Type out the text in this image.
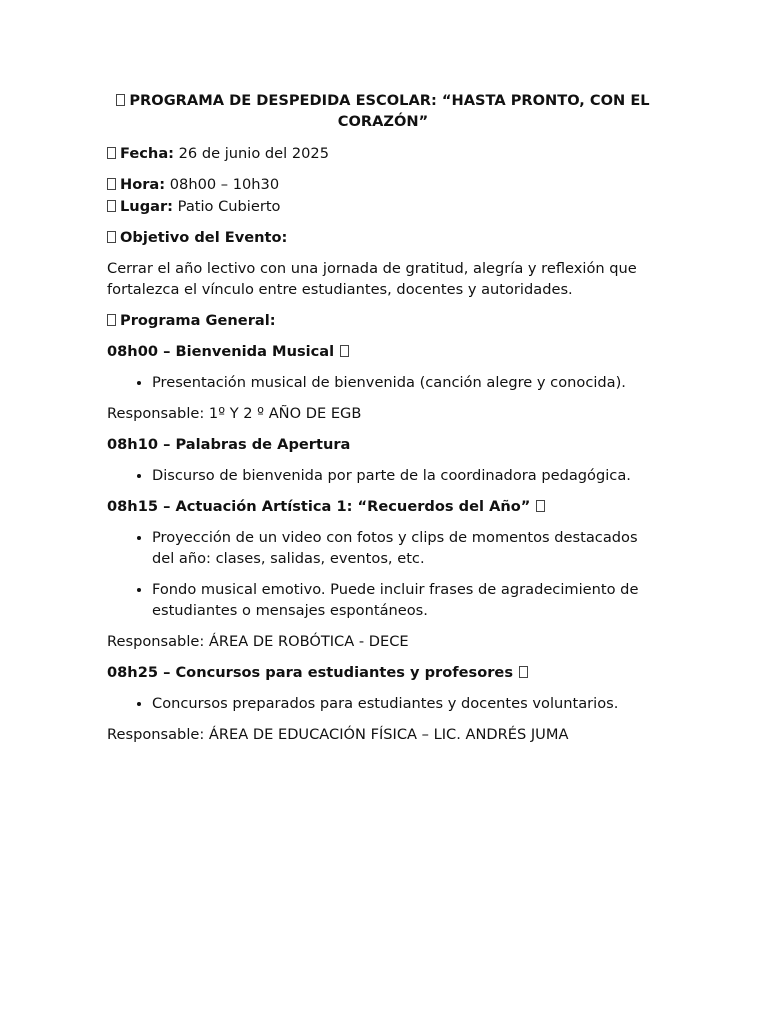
PROGRAMA DE DESPEDIDA ESCOLAR: “HASTA PRONTO, CON EL CORAZÓN”

Fecha: 26 de junio del 2025

Hora: 08h00 – 10h30

Lugar: Patio Cubierto

Objetivo del Evento:

Cerrar el año lectivo con una jornada de gratitud, alegría y reflexión que fortalezca el vínculo entre estudiantes, docentes y autoridades.

Programa General:

08h00 – Bienvenida Musical

• Presentación musical de bienvenida (canción alegre y conocida).

Responsable: 1º Y 2 º AÑO DE EGB

08h10 – Palabras de Apertura

• Discurso de bienvenida por parte de la coordinadora pedagógica.

08h15 – Actuación Artística 1: “Recuerdos del Año”

• Proyección de un video con fotos y clips de momentos destacados del año: clases, salidas, eventos, etc.
• Fondo musical emotivo. Puede incluir frases de agradecimiento de estudiantes o mensajes espontáneos.

Responsable: ÁREA DE ROBÓTICA - DECE

08h25 – Concursos para estudiantes y profesores

• Concursos preparados para estudiantes y docentes voluntarios.

Responsable: ÁREA DE EDUCACIÓN FÍSICA – LIC. ANDRÉS JUMA
